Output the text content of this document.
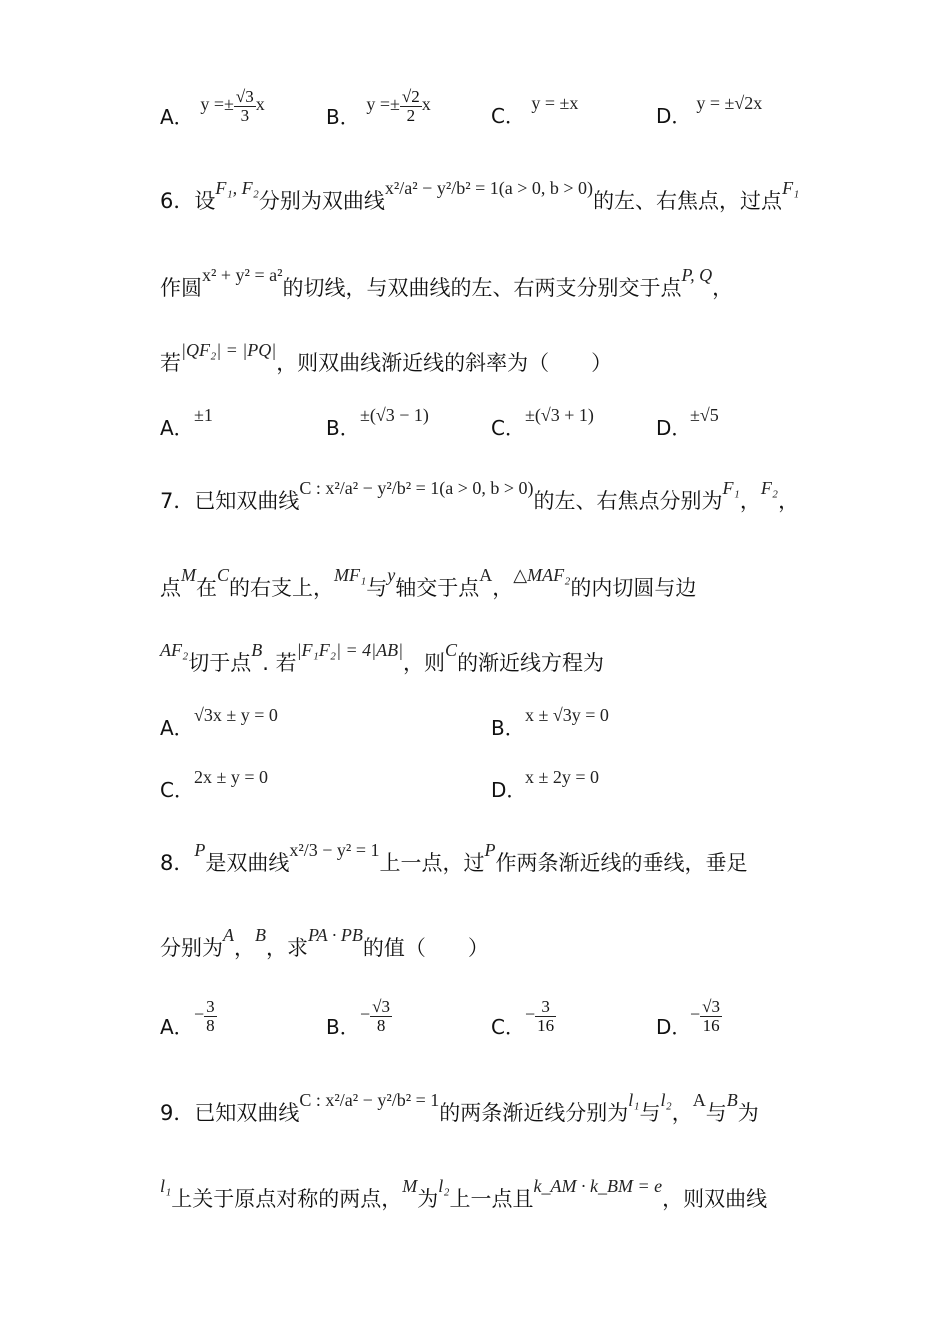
A． $y =\pm \frac{√3}{3}$ x
B． $y =\pm \frac{√2}{2}$ x	C． y = ±x
D． y = ±√2x
6．设F₁, F₂分别为双曲线x²/a² − y²/b² = 1(a > 0, b > 0)的左、右焦点，过点F₁
作圆x² + y² = a²的切线，与双曲线的左、右两支分别交于点P, Q，
若|QF₂| = |PQ|，则双曲线渐近线的斜率为（　　）
A．±1
B．±(√3 − 1)
C．±(√3 + 1)
D．±√5
7．已知双曲线C : x²/a² − y²/b² = 1(a > 0, b > 0)的左、右焦点分别为F₁，F₂，
点M在C的右支上，MF₁与y轴交于点A，△MAF₂的内切圆与边
AF₂切于点B. 若|F₁F₂| = 4|AB|，则C的渐近线方程为
A．√3x ± y = 0
B．x ± √3y = 0
C．2x ± y = 0
D．x ± 2y = 0
8．P是双曲线x²/3 − y² = 1上一点，过P作两条渐近线的垂线，垂足
分别为A，B，求PA · PB的值（　　）
A．− $\frac{3}{8}$	B．− $\frac{√3}{8}$	C．− $\frac{3}{16}$	D．− $\frac{√3}{16}$
9．已知双曲线C : x²/a² − y²/b² = 1的两条渐近线分别为l₁与l₂，A与B为
l₁上关于原点对称的两点，M为l₂上一点且k_AM · k_BM = e，则双曲线
